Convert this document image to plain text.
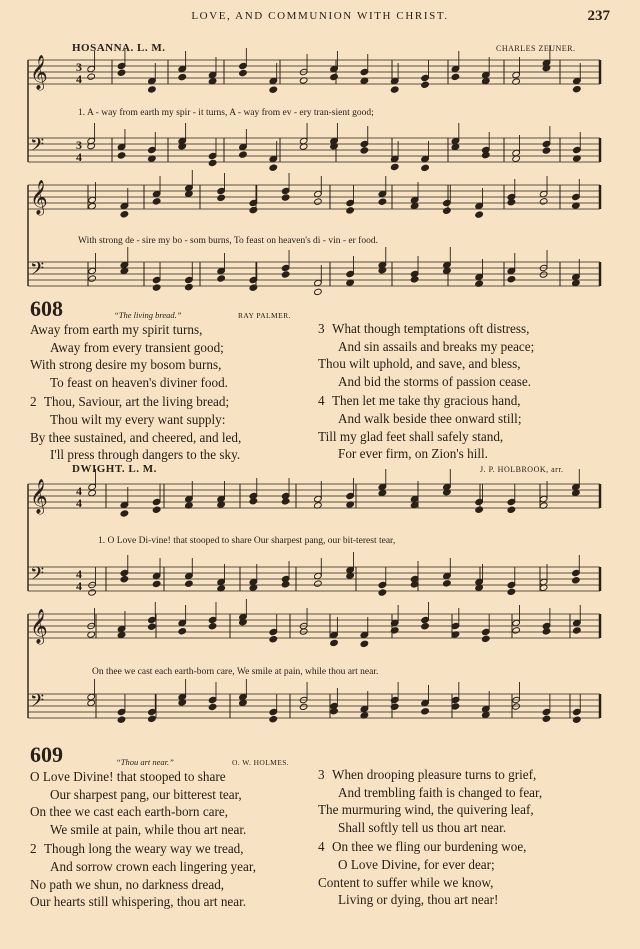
LOVE, AND COMMUNION WITH CHRIST.	237
HOSANNA. L. M.	CHARLES ZEUNER.
𝄞
𝄢
𝄞
𝄢
𝄞
𝄢
𝄞
𝄢
3
4
3
4
4
4
4
4
1. A - way from earth my spir - it turns, A - way from ev - ery tran-sient good;
With strong de - sire my bo - som burns, To feast on heaven's di - vin - er food.
608	“The living bread.”	RAY PALMER.
Away from earth my spirit turns,
Away from every transient good;
With strong desire my bosom burns,
To feast on heaven's diviner food.
2 Thou, Saviour, art the living bread;
Thou wilt my every want supply:
By thee sustained, and cheered, and led,
I'll press through dangers to the sky.
3 What though temptations oft distress,
And sin assails and breaks my peace;
Thou wilt uphold, and save, and bless,
And bid the storms of passion cease.
4 Then let me take thy gracious hand,
And walk beside thee onward still;
Till my glad feet shall safely stand,
For ever firm, on Zion's hill.
DWIGHT. L. M.	J. P. HOLBROOK, arr.
1. O Love Di-vine! that stooped to share Our sharpest pang, our bit-terest tear,
On thee we cast each earth-born care, We smile at pain, while thou art near.
609	“Thou art near.”	O. W. HOLMES.
O Love Divine! that stooped to share
Our sharpest pang, our bitterest tear,
On thee we cast each earth-born care,
We smile at pain, while thou art near.
2 Though long the weary way we tread,
And sorrow crown each lingering year,
No path we shun, no darkness dread,
Our hearts still whispering, thou art near.
3 When drooping pleasure turns to grief,
And trembling faith is changed to fear,
The murmuring wind, the quivering leaf,
Shall softly tell us thou art near.
4 On thee we fling our burdening woe,
O Love Divine, for ever dear;
Content to suffer while we know,
Living or dying, thou art near!
